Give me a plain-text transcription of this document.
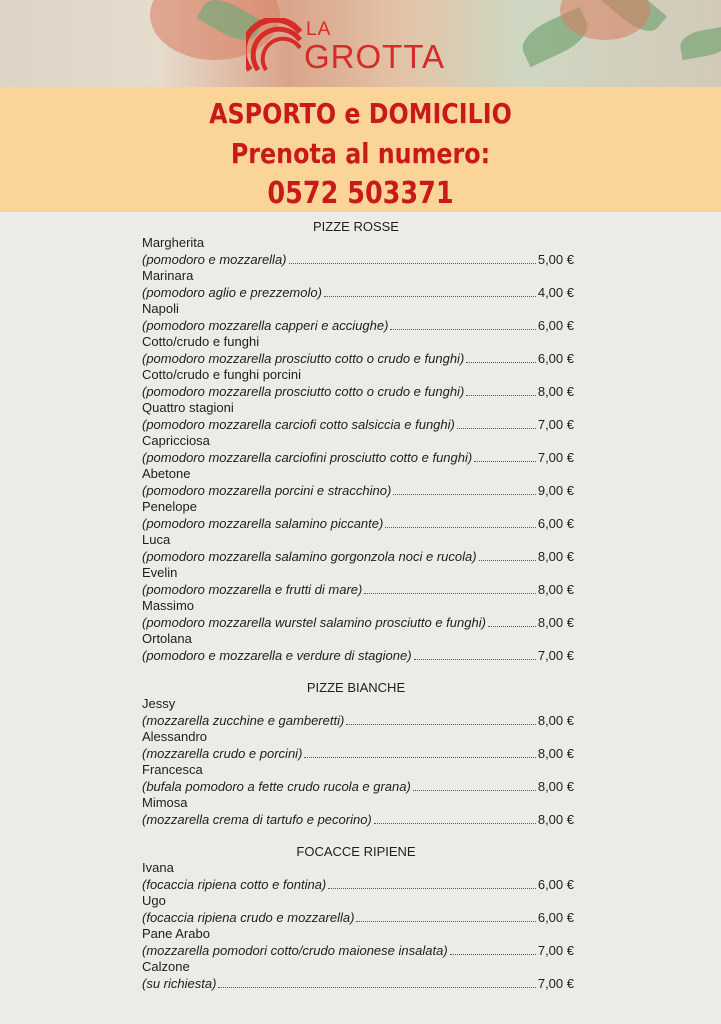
LA
GROTTA
ASPORTO e DOMICILIO
Prenota al numero:
0572 503371
PIZZE ROSSE
Margherita
(pomodoro e mozzarella)	5,00 €
Marinara
(pomodoro aglio e prezzemolo)	4,00 €
Napoli
(pomodoro mozzarella capperi e acciughe)	6,00 €
Cotto/crudo e funghi
(pomodoro mozzarella prosciutto cotto o crudo e funghi)	6,00 €
Cotto/crudo e funghi porcini
(pomodoro mozzarella prosciutto cotto o crudo e funghi)	8,00 €
Quattro stagioni
(pomodoro mozzarella carciofi cotto salsiccia e funghi)	7,00 €
Capricciosa
(pomodoro mozzarella carciofini prosciutto cotto e funghi)	7,00 €
Abetone
(pomodoro mozzarella porcini e stracchino)	9,00 €
Penelope
(pomodoro mozzarella salamino piccante)	6,00 €
Luca
(pomodoro mozzarella salamino gorgonzola noci e rucola)	8,00 €
Evelin
(pomodoro mozzarella e frutti di mare)	8,00 €
Massimo
(pomodoro mozzarella wurstel salamino prosciutto e funghi)	8,00 €
Ortolana
(pomodoro e mozzarella e verdure di stagione)	7,00 €
PIZZE BIANCHE
Jessy
(mozzarella zucchine e gamberetti)	8,00 €
Alessandro
(mozzarella crudo e porcini)	8,00 €
Francesca
(bufala pomodoro a fette crudo rucola e grana)	8,00 €
Mimosa
(mozzarella crema di tartufo e pecorino)	8,00 €
FOCACCE RIPIENE
Ivana
(focaccia ripiena cotto e fontina)	6,00 €
Ugo
(focaccia ripiena crudo e mozzarella)	6,00 €
Pane Arabo
(mozzarella pomodori cotto/crudo maionese insalata)	7,00 €
Calzone
(su richiesta)	7,00 €
